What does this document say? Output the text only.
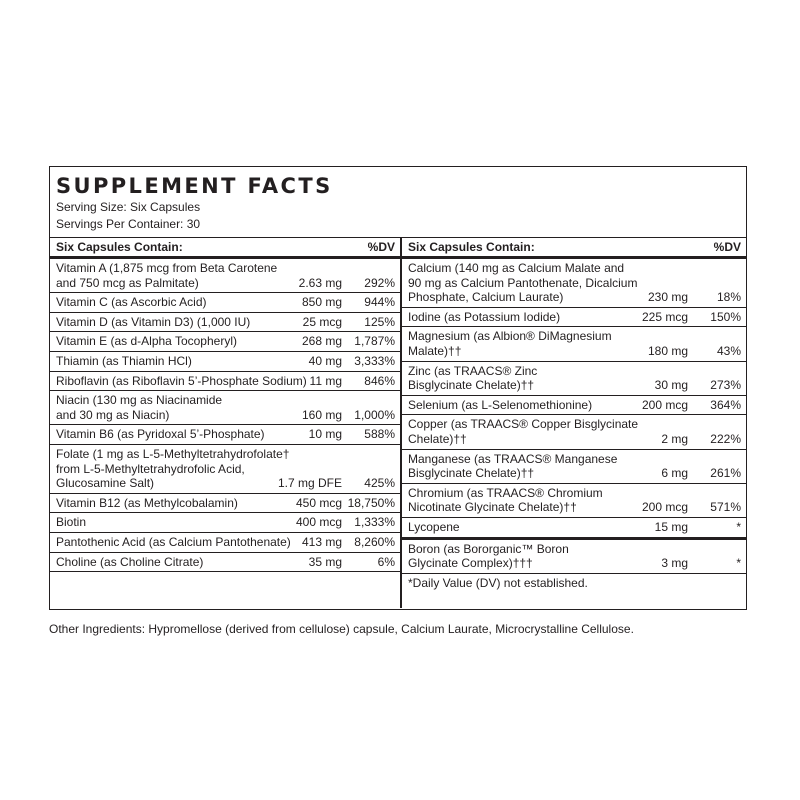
SUPPLEMENT FACTS
Serving Size: Six Capsules
Servings Per Container: 30
Six Capsules Contain:	%DV
Vitamin A (1,875 mcg from Beta Carotene
and 750 mcg as Palmitate)	2.63 mg 292%
Vitamin C (as Ascorbic Acid)	850 mg 944%
Vitamin D (as Vitamin D3) (1,000 IU)	25 mcg 125%
Vitamin E (as d-Alpha Tocopheryl)	268 mg 1,787%
Thiamin (as Thiamin HCl)	40 mg 3,333%
Riboflavin (as Riboflavin 5’-Phosphate Sodium) 11 mg 846%
Niacin (130 mg as Niacinamide
and 30 mg as Niacin)	160 mg 1,000%
Vitamin B6 (as Pyridoxal 5’-Phosphate)	10 mg 588%
Folate (1 mg as L-5-Methyltetrahydrofolate†
from L-5-Methyltetrahydrofolic Acid,
Glucosamine Salt)	1.7 mg DFE 425%
Vitamin B12 (as Methylcobalamin)	450 mcg 18,750%
Biotin	400 mcg 1,333%
Pantothenic Acid (as Calcium Pantothenate) 413 mg 8,260%
Choline (as Choline Citrate)	35 mg	6%
Six Capsules Contain:	%DV
Calcium (140 mg as Calcium Malate and
90 mg as Calcium Pantothenate, Dicalcium
Phosphate, Calcium Laurate)	230 mg 18%
Iodine (as Potassium Iodide)	225 mcg 150%
Magnesium (as Albion® DiMagnesium
Malate)††	180 mg 43%
Zinc (as TRAACS® Zinc
Bisglycinate Chelate)††	30 mg 273%
Selenium (as L-Selenomethionine)	200 mcg 364%
Copper (as TRAACS® Copper Bisglycinate
Chelate)††	2 mg 222%
Manganese (as TRAACS® Manganese
Bisglycinate Chelate)††	6 mg 261%
Chromium (as TRAACS® Chromium
Nicotinate Glycinate Chelate)††	200 mcg 571%
Lycopene	15 mg	*
Boron (as Bororganic™ Boron
Glycinate Complex)†††	3 mg	*
*Daily Value (DV) not established.
Other Ingredients: Hypromellose (derived from cellulose) capsule, Calcium Laurate, Microcrystalline Cellulose.
